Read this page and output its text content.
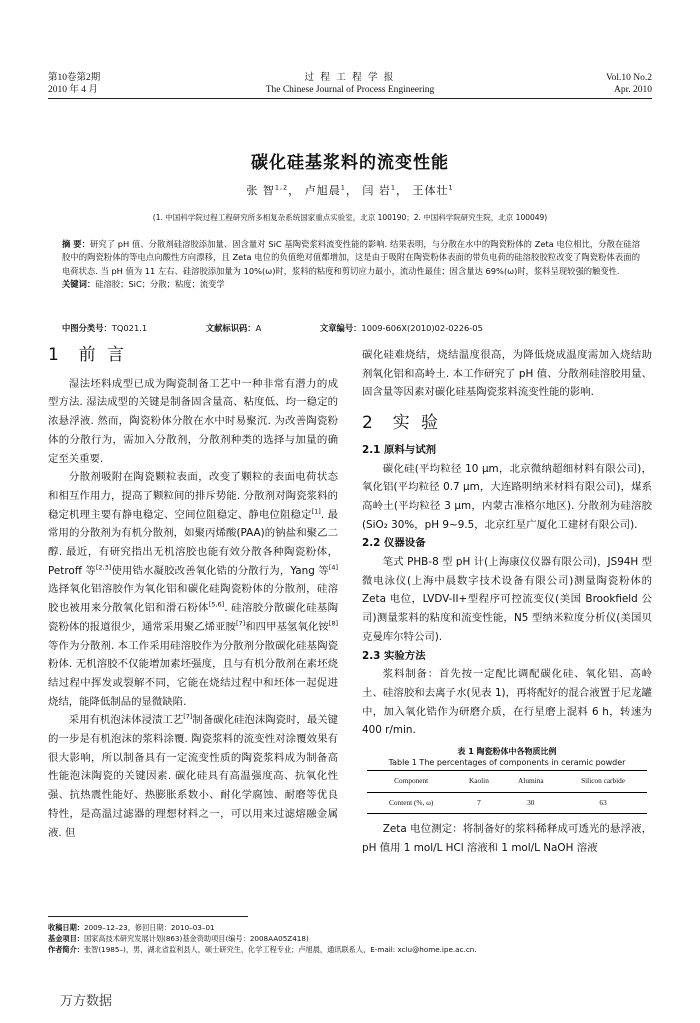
第10卷第2期
2010 年 4 月
过 程 工 程 学 报
The Chinese Journal of Process Engineering
Vol.10 No.2
Apr. 2010
碳化硅基浆料的流变性能
张 智$^{1,2}$， 卢旭晨$^1$， 闫 岩$^1$， 王体壮$^1$
(1. 中国科学院过程工程研究所多相复杂系统国家重点实验室，北京 100190；2. 中国科学院研究生院，北京 100049)
摘 要：研究了 pH 值、分散剂硅溶胶添加量、固含量对 SiC 基陶瓷浆料流变性能的影响. 结果表明，与分散在水中的陶瓷粉体的 Zeta 电位相比，分散在硅溶胶中的陶瓷粉体的等电点向酸性方向漂移，且 Zeta 电位的负值绝对值都增加，这是由于吸附在陶瓷粉体表面的带负电荷的硅溶胶胶粒改变了陶瓷粉体表面的电荷状态. 当 pH 值为 11 左右、硅溶胶添加量为 10%(ω)时，浆料的粘度和剪切应力最小，流动性最佳；固含量达 69%(ω)时，浆料呈现较强的触变性.
关键词：硅溶胶；SiC；分散；粘度；流变学
中图分类号：TQ021.1	文献标识码：A	文章编号：1009-606X(2010)02-0226-05
1 前 言

湿法坯料成型已成为陶瓷制备工艺中一种非常有潜力的成型方法. 湿法成型的关键是制备固含量高、粘度低、均一稳定的浓悬浮液. 然而，陶瓷粉体分散在水中时易聚沉. 为改善陶瓷粉体的分散行为，需加入分散剂，分散剂种类的选择与加量的确定至关重要.

分散剂吸附在陶瓷颗粒表面，改变了颗粒的表面电荷状态和相互作用力，提高了颗粒间的排斥势能. 分散剂对陶瓷浆料的稳定机理主要有静电稳定、空间位阻稳定、静电位阻稳定[1]. 最常用的分散剂为有机分散剂，如聚丙烯酸(PAA)的钠盐和聚乙二醇. 最近，有研究指出无机溶胶也能有效分散各种陶瓷粉体，Petroff 等[2,3]使用锆水凝胶改善氧化锆的分散行为，Yang 等[4]选择氧化铝溶胶作为氧化铝和碳化硅陶瓷粉体的分散剂，硅溶胶也被用来分散氧化铝和滑石粉体[5,6]. 硅溶胶分散碳化硅基陶瓷粉体的报道很少，通常采用聚乙烯亚胺[7]和四甲基氢氧化铵[8]等作为分散剂. 本工作采用硅溶胶作为分散剂分散碳化硅基陶瓷粉体. 无机溶胶不仅能增加素坯强度，且与有机分散剂在素坯烧结过程中挥发或裂解不同，它能在烧结过程中和坯体一起促进烧结，能降低制品的显微缺陷.

采用有机泡沫体浸渍工艺[7]制备碳化硅泡沫陶瓷时，最关键的一步是有机泡沫的浆料涂覆. 陶瓷浆料的流变性对涂覆效果有很大影响，所以制备具有一定流变性质的陶瓷浆料成为制备高性能泡沫陶瓷的关键因素. 碳化硅具有高温强度高、抗氧化性强、抗热震性能好、热膨胀系数小、耐化学腐蚀、耐磨等优良特性，是高温过滤器的理想材料之一，可以用来过滤熔融金属液. 但

碳化硅难烧结，烧结温度很高，为降低烧成温度需加入烧结助剂氧化铝和高岭土. 本工作研究了 pH 值、分散剂硅溶胶用量、固含量等因素对碳化硅基陶瓷浆料流变性能的影响.

2 实 验
2.1 原料与试剂

碳化硅(平均粒径 10 μm，北京微纳超细材料有限公司)，氧化铝(平均粒径 0.7 μm，大连路明纳米材料有限公司)，煤系高岭土(平均粒径 3 μm，内蒙古准格尔地区). 分散剂为硅溶胶(SiO₂ 30%，pH 9~9.5，北京红星广厦化工建材有限公司).

2.2 仪器设备

笔式 PHB-8 型 pH 计(上海康仪仪器有限公司)，JS94H 型微电泳仪(上海中晨数字技术设备有限公司)测量陶瓷粉体的 Zeta 电位，LVDV-II+型程序可控流变仪(美国 Brookfield 公司)测量浆料的粘度和流变性能，N5 型纳米粒度分析仪(美国贝克曼库尔特公司).

2.3 实验方法

浆料制备：首先按一定配比调配碳化硅、氧化铝、高岭土、硅溶胶和去离子水(见表 1)，再将配好的混合液置于尼龙罐中，加入氧化锆作为研磨介质，在行星磨上混料 6 h，转速为 400 r/min.

表 1 陶瓷粉体中各物质比例
Table 1 The percentages of components in ceramic powder
Component	Kaolin	Alumina	Silicon carbide
Content (%, ω)	7	30	63

Zeta 电位测定：将制备好的浆料稀释成可透光的悬浮液，pH 值用 1 mol/L HCl 溶液和 1 mol/L NaOH 溶液

收稿日期：2009–12–23，修回日期：2010–03–01
基金项目：国家高技术研究发展计划(863)基金资助项目(编号：2008AA05Z418)
作者简介：张智(1985–)，男，湖北省监利县人，硕士研究生，化学工程专业；卢旭晨，通讯联系人，E-mail: xclu@home.ipe.ac.cn.
万方数据
